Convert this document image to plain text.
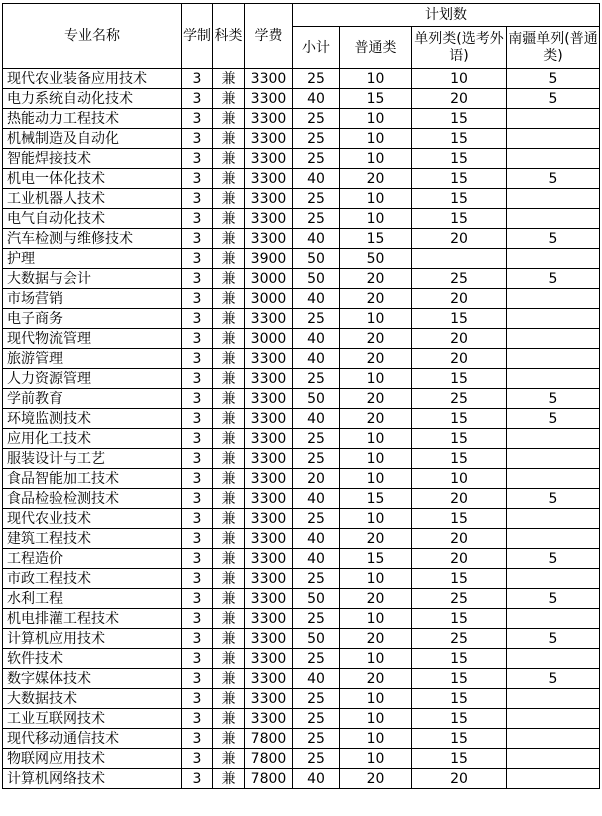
专业名称	学制	科类	学费	计划数			
				小计	普通类	单列类(选考外语)	南疆单列(普通类)
现代农业装备应用技术	3	兼	3300	25	10	10	5
电力系统自动化技术	3	兼	3300	40	15	20	5
热能动力工程技术	3	兼	3300	25	10	15	
机械制造及自动化	3	兼	3300	25	10	15	
智能焊接技术	3	兼	3300	25	10	15	
机电一体化技术	3	兼	3300	40	20	15	5
工业机器人技术	3	兼	3300	25	10	15	
电气自动化技术	3	兼	3300	25	10	15	
汽车检测与维修技术	3	兼	3300	40	15	20	5
护理	3	兼	3900	50	50		
大数据与会计	3	兼	3000	50	20	25	5
市场营销	3	兼	3000	40	20	20	
电子商务	3	兼	3300	25	10	15	
现代物流管理	3	兼	3000	40	20	20	
旅游管理	3	兼	3300	40	20	20	
人力资源管理	3	兼	3300	25	10	15	
学前教育	3	兼	3300	50	20	25	5
环境监测技术	3	兼	3300	40	20	15	5
应用化工技术	3	兼	3300	25	10	15	
服装设计与工艺	3	兼	3300	25	10	15	
食品智能加工技术	3	兼	3300	20	10	10	
食品检验检测技术	3	兼	3300	40	15	20	5
现代农业技术	3	兼	3300	25	10	15	
建筑工程技术	3	兼	3300	40	20	20	
工程造价	3	兼	3300	40	15	20	5
市政工程技术	3	兼	3300	25	10	15	
水利工程	3	兼	3300	50	20	25	5
机电排灌工程技术	3	兼	3300	25	10	15	
计算机应用技术	3	兼	3300	50	20	25	5
软件技术	3	兼	3300	25	10	15	
数字媒体技术	3	兼	3300	40	20	15	5
大数据技术	3	兼	3300	25	10	15	
工业互联网技术	3	兼	3300	25	10	15	
现代移动通信技术	3	兼	7800	25	10	15	
物联网应用技术	3	兼	7800	25	10	15	
计算机网络技术	3	兼	7800	40	20	20	
